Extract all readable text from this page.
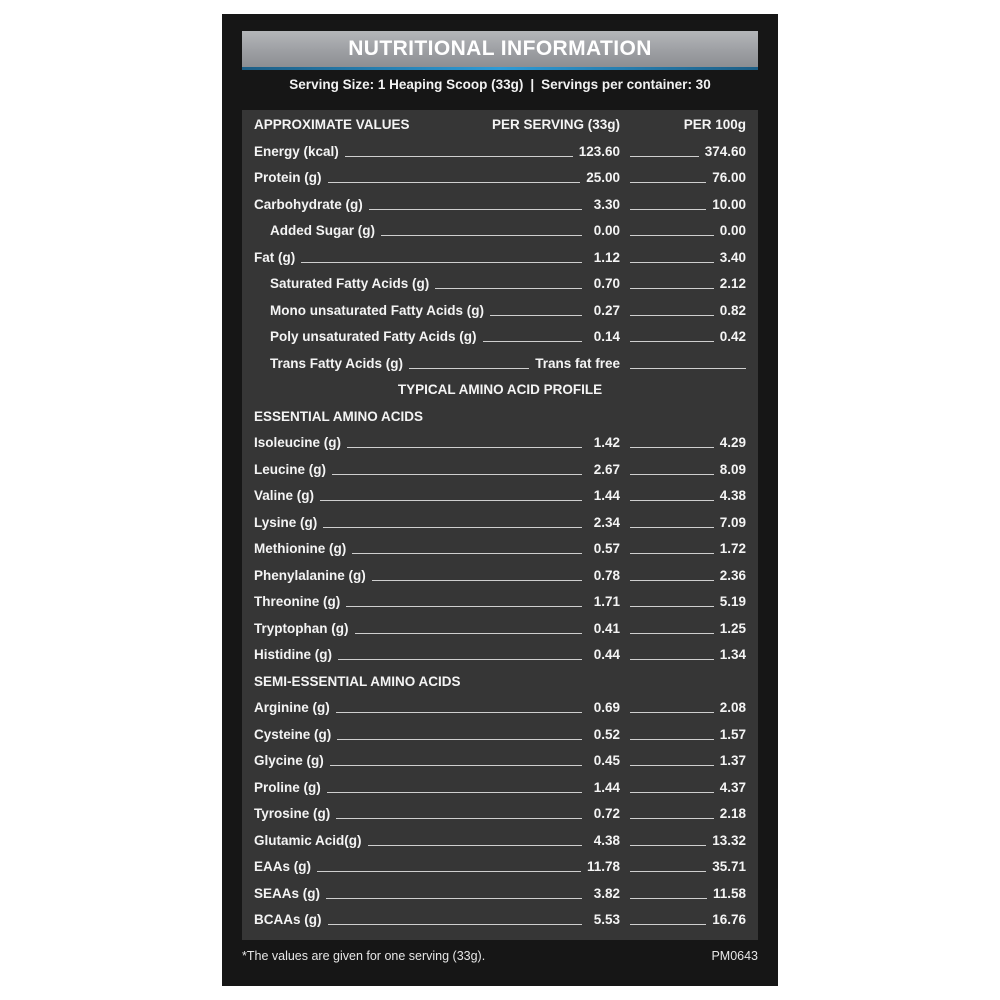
NUTRITIONAL INFORMATION
Serving Size: 1 Heaping Scoop (33g) | Servings per container: 30
APPROXIMATE VALUES	PER SERVING (33g)	PER 100g
Energy (kcal)	123.60	374.60
Protein (g)	25.00	76.00
Carbohydrate (g)	3.30	10.00
Added Sugar (g)	0.00	0.00
Fat (g)	1.12	3.40
Saturated Fatty Acids (g)	0.70	2.12
Mono unsaturated Fatty Acids (g)	0.27	0.82
Poly unsaturated Fatty Acids (g)	0.14	0.42
Trans Fatty Acids (g)	Trans fat free
TYPICAL AMINO ACID PROFILE
ESSENTIAL AMINO ACIDS
Isoleucine (g)	1.42	4.29
Leucine (g)	2.67	8.09
Valine (g)	1.44	4.38
Lysine (g)	2.34	7.09
Methionine (g)	0.57	1.72
Phenylalanine (g)	0.78	2.36
Threonine (g)	1.71	5.19
Tryptophan (g)	0.41	1.25
Histidine (g)	0.44	1.34
SEMI-ESSENTIAL AMINO ACIDS
Arginine (g)	0.69	2.08
Cysteine (g)	0.52	1.57
Glycine (g)	0.45	1.37
Proline (g)	1.44	4.37
Tyrosine (g)	0.72	2.18
Glutamic Acid(g)	4.38	13.32
EAAs (g)	11.78	35.71
SEAAs (g)	3.82	11.58
BCAAs (g)	5.53	16.76
*The values are given for one serving (33g).	PM0643
